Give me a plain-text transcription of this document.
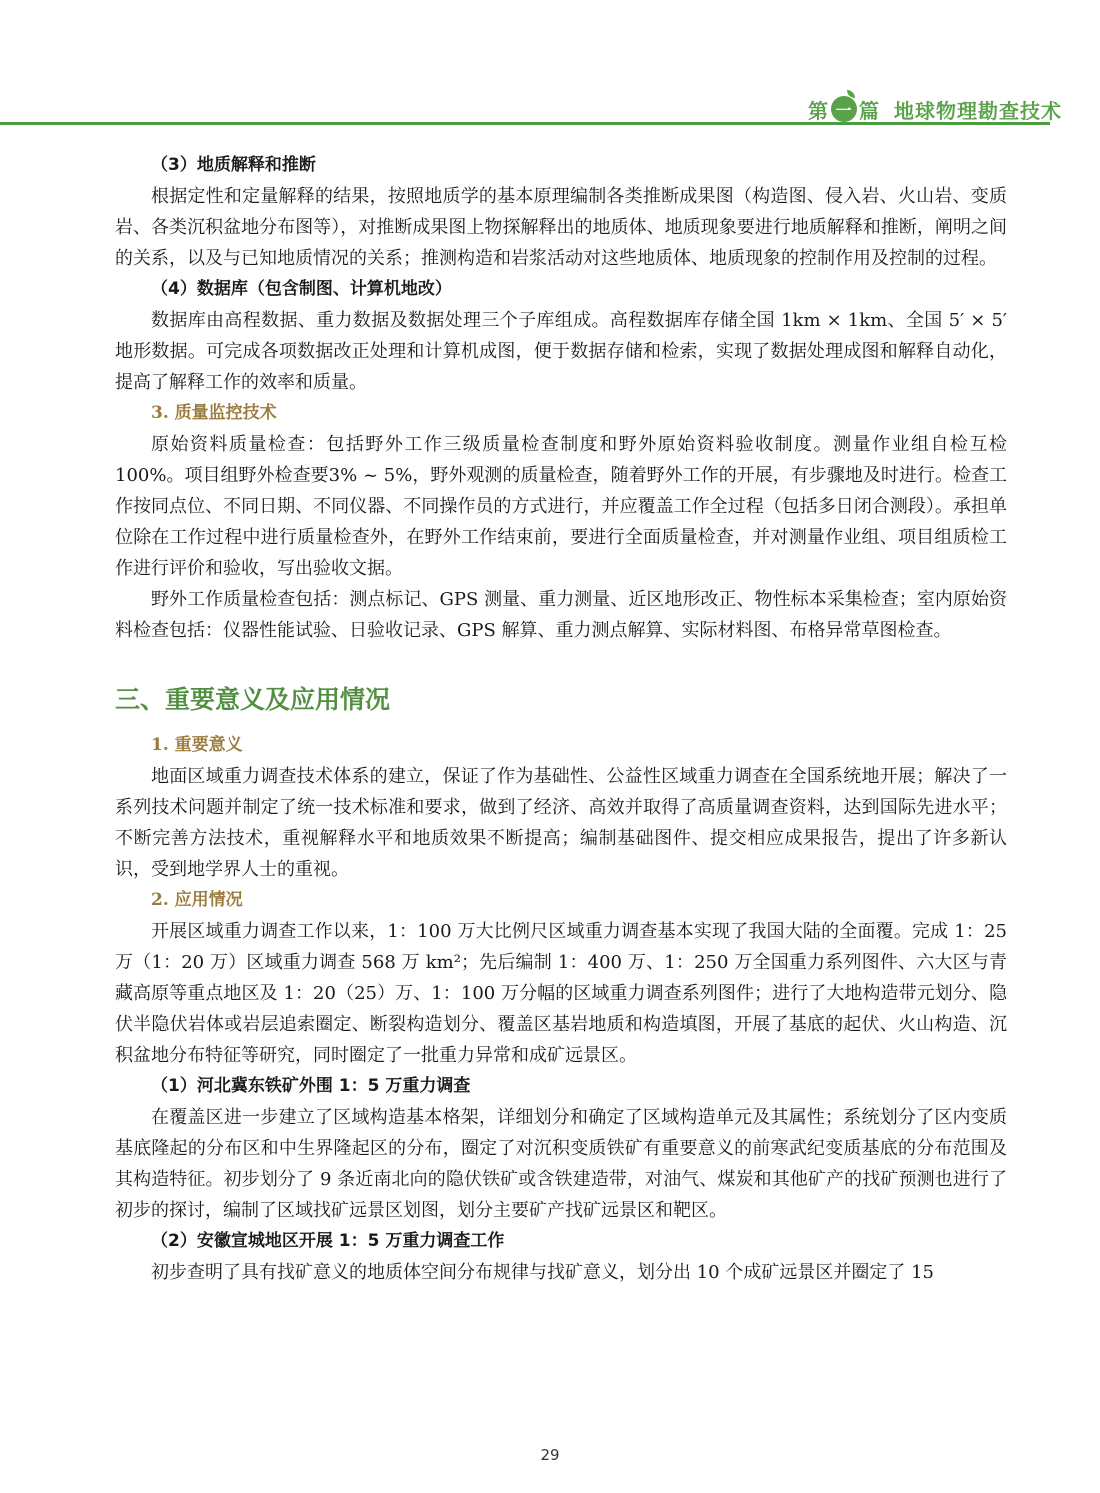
第 一 篇 地球物理勘查技术

（3）地质解释和推断

根据定性和定量解释的结果，按照地质学的基本原理编制各类推断成果图（构造图、侵入岩、火山岩、变质岩、各类沉积盆地分布图等），对推断成果图上物探解释出的地质体、地质现象要进行地质解释和推断，阐明之间的关系，以及与已知地质情况的关系；推测构造和岩浆活动对这些地质体、地质现象的控制作用及控制的过程。

（4）数据库（包含制图、计算机地改）

数据库由高程数据、重力数据及数据处理三个子库组成。高程数据库存储全国 1km × 1km、全国 5′ × 5′ 地形数据。可完成各项数据改正处理和计算机成图，便于数据存储和检索，实现了数据处理成图和解释自动化，提高了解释工作的效率和质量。

3. 质量监控技术

原始资料质量检查：包括野外工作三级质量检查制度和野外原始资料验收制度。测量作业组自检互检100%。项目组野外检查要3% ~ 5%，野外观测的质量检查，随着野外工作的开展，有步骤地及时进行。检查工作按同点位、不同日期、不同仪器、不同操作员的方式进行，并应覆盖工作全过程（包括多日闭合测段）。承担单位除在工作过程中进行质量检查外，在野外工作结束前，要进行全面质量检查，并对测量作业组、项目组质检工作进行评价和验收，写出验收文据。

野外工作质量检查包括：测点标记、GPS 测量、重力测量、近区地形改正、物性标本采集检查；室内原始资料检查包括：仪器性能试验、日验收记录、GPS 解算、重力测点解算、实际材料图、布格异常草图检查。

三、重要意义及应用情况

1. 重要意义

地面区域重力调查技术体系的建立，保证了作为基础性、公益性区域重力调查在全国系统地开展；解决了一系列技术问题并制定了统一技术标准和要求，做到了经济、高效并取得了高质量调查资料，达到国际先进水平；不断完善方法技术，重视解释水平和地质效果不断提高；编制基础图件、提交相应成果报告，提出了许多新认识，受到地学界人士的重视。

2. 应用情况

开展区域重力调查工作以来，1：100 万大比例尺区域重力调查基本实现了我国大陆的全面覆。完成 1：25 万（1：20 万）区域重力调查 568 万 km²；先后编制 1：400 万、1：250 万全国重力系列图件、六大区与青藏高原等重点地区及 1：20（25）万、1：100 万分幅的区域重力调查系列图件；进行了大地构造带元划分、隐伏半隐伏岩体或岩层追索圈定、断裂构造划分、覆盖区基岩地质和构造填图，开展了基底的起伏、火山构造、沉积盆地分布特征等研究，同时圈定了一批重力异常和成矿远景区。

（1）河北冀东铁矿外围 1：5 万重力调查

在覆盖区进一步建立了区域构造基本格架，详细划分和确定了区域构造单元及其属性；系统划分了区内变质基底隆起的分布区和中生界隆起区的分布，圈定了对沉积变质铁矿有重要意义的前寒武纪变质基底的分布范围及其构造特征。初步划分了 9 条近南北向的隐伏铁矿或含铁建造带，对油气、煤炭和其他矿产的找矿预测也进行了初步的探讨，编制了区域找矿远景区划图，划分主要矿产找矿远景区和靶区。

（2）安徽宣城地区开展 1：5 万重力调查工作

初步查明了具有找矿意义的地质体空间分布规律与找矿意义，划分出 10 个成矿远景区并圈定了 15

29
